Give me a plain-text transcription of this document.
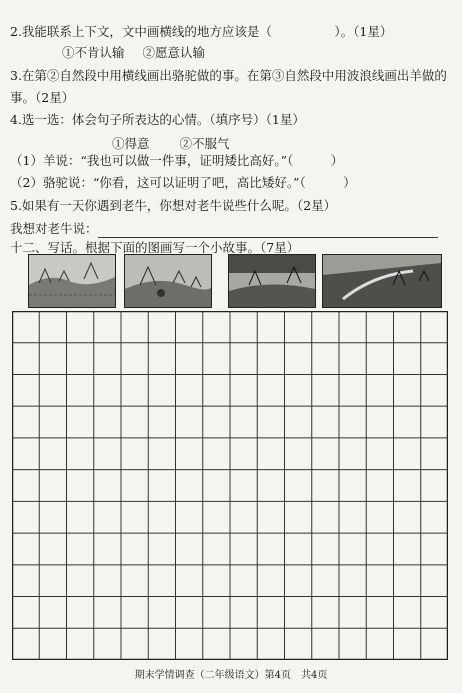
2.我能联系上下文，文中画横线的地方应该是（　　　　　）。（1星）
①不肯认输 ②愿意认输
3.在第②自然段中用横线画出骆驼做的事。在第③自然段中用波浪线画出羊做的
事。（2星）
4.选一选：体会句子所表达的心情。（填序号）（1星）
①得意 ②不服气
（1）羊说：“我也可以做一件事，证明矮比高好。”（　　　）
（2）骆驼说：“你看，这可以证明了吧，高比矮好。”（　　　）
5.如果有一天你遇到老牛，你想对老牛说些什么呢。（2星）
我想对老牛说：
十二、写话。根据下面的图画写一个小故事。（7星）
期末学情调查（二年级语文）第4页　共4页
